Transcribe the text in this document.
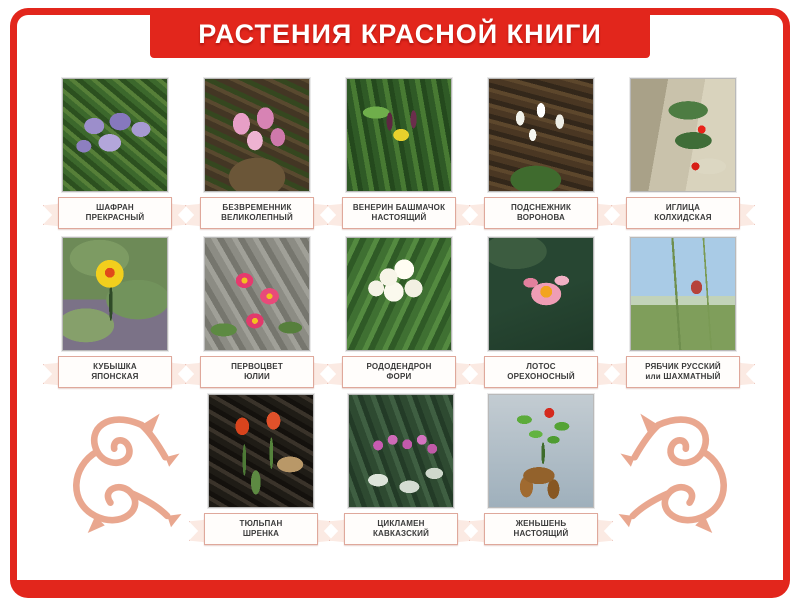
РАСТЕНИЯ КРАСНОЙ КНИГИ
ШАФРАН
ПРЕКРАСНЫЙ
БЕЗВРЕМЕННИК
ВЕЛИКОЛЕПНЫЙ
ВЕНЕРИН БАШМАЧОК
НАСТОЯЩИЙ
ПОДСНЕЖНИК
ВОРОНОВА
ИГЛИЦА
КОЛХИДСКАЯ
КУБЫШКА
ЯПОНСКАЯ
ПЕРВОЦВЕТ
ЮЛИИ
РОДОДЕНДРОН
ФОРИ
ЛОТОС
ОРЕХОНОСНЫЙ
РЯБЧИК РУССКИЙ
или ШАХМАТНЫЙ
ТЮЛЬПАН
ШРЕНКА
ЦИКЛАМЕН
КАВКАЗСКИЙ
ЖЕНЬШЕНЬ
НАСТОЯЩИЙ
